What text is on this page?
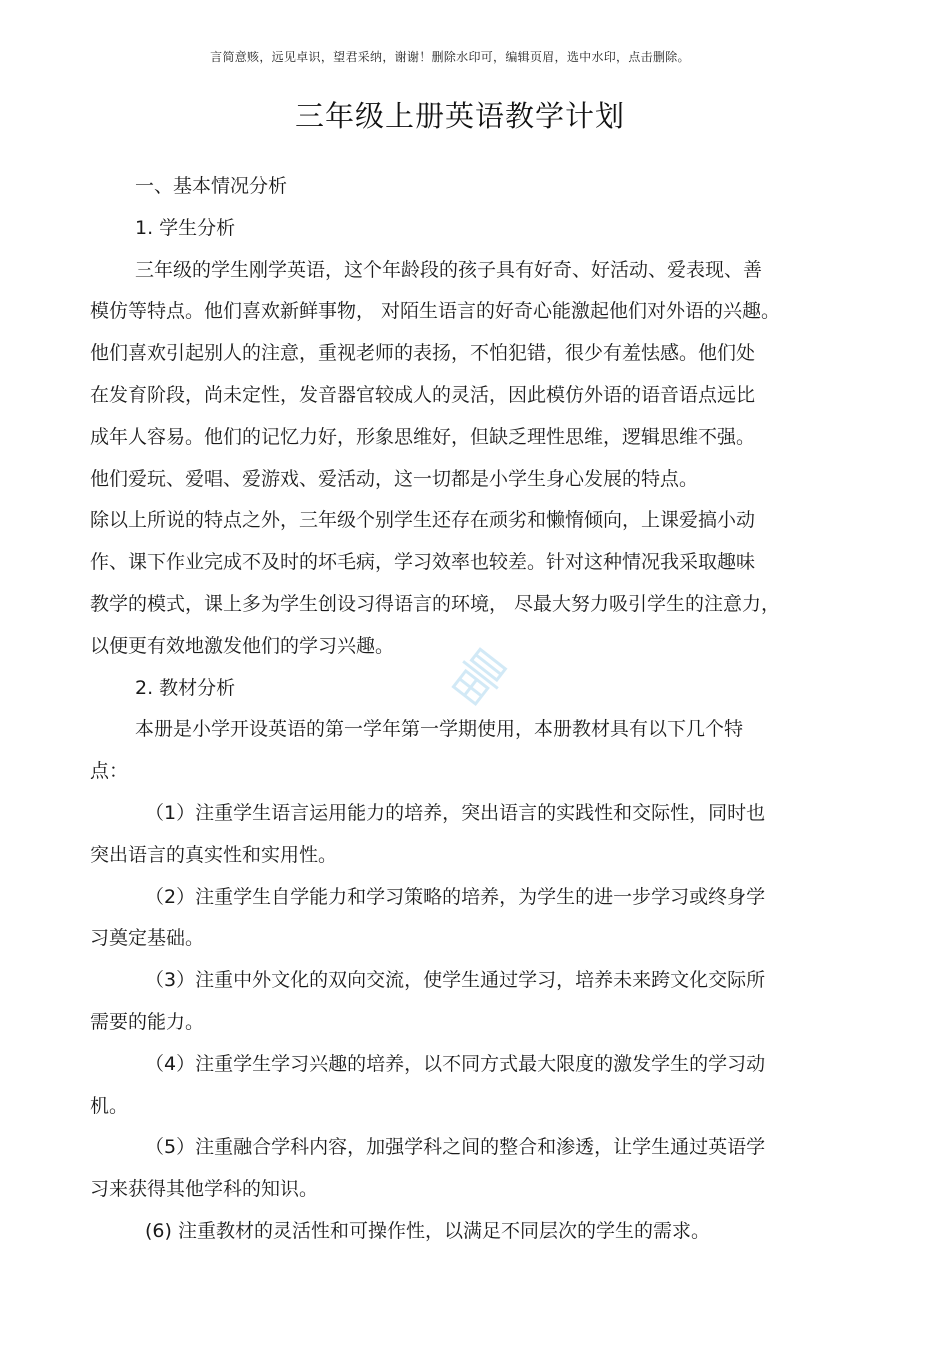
言简意赅，远见卓识，望君采纳，谢谢！删除水印可，编辑页眉，选中水印，点击删除。
三年级上册英语教学计划

一、基本情况分析

1. 学生分析

三年级的学生刚学英语，这个年龄段的孩子具有好奇、好活动、爱表现、善

模仿等特点。他们喜欢新鲜事物， 对陌生语言的好奇心能激起他们对外语的兴趣。

他们喜欢引起别人的注意，重视老师的表扬，不怕犯错，很少有羞怯感。他们处

在发育阶段，尚未定性，发音器官较成人的灵活，因此模仿外语的语音语点远比

成年人容易。他们的记忆力好，形象思维好，但缺乏理性思维，逻辑思维不强。

他们爱玩、爱唱、爱游戏、爱活动，这一切都是小学生身心发展的特点。

除以上所说的特点之外，三年级个别学生还存在顽劣和懒惰倾向，上课爱搞小动

作、课下作业完成不及时的坏毛病，学习效率也较差。针对这种情况我采取趣味

教学的模式，课上多为学生创设习得语言的环境， 尽最大努力吸引学生的注意力，

以便更有效地激发他们的学习兴趣。

2. 教材分析

本册是小学开设英语的第一学年第一学期使用，本册教材具有以下几个特

点：

（1）注重学生语言运用能力的培养，突出语言的实践性和交际性，同时也

突出语言的真实性和实用性。

（2）注重学生自学能力和学习策略的培养，为学生的进一步学习或终身学

习奠定基础。

（3）注重中外文化的双向交流，使学生通过学习，培养未来跨文化交际所

需要的能力。

（4）注重学生学习兴趣的培养，以不同方式最大限度的激发学生的学习动

机。

（5）注重融合学科内容，加强学科之间的整合和渗透，让学生通过英语学

习来获得其他学科的知识。

(6) 注重教材的灵活性和可操作性，以满足不同层次的学生的需求。
